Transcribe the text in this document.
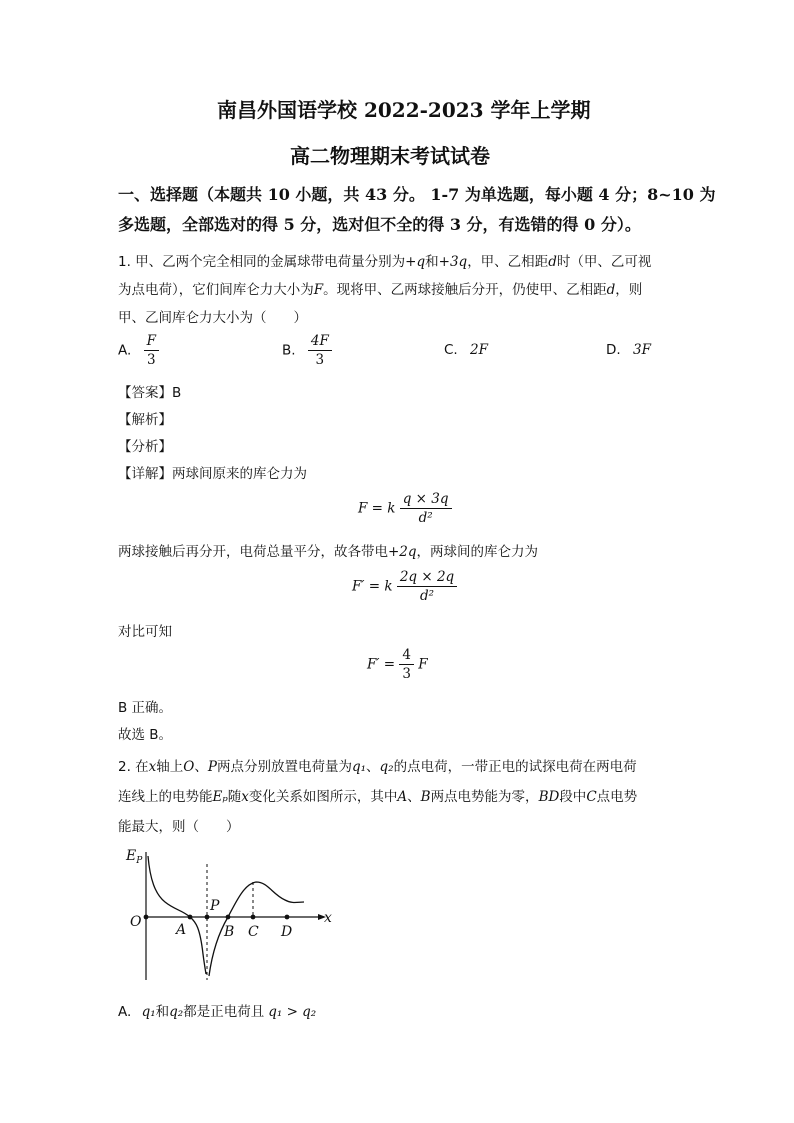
南昌外国语学校 2022-2023 学年上学期
高二物理期末考试试卷
一、选择题（本题共 10 小题，共 43 分。 1-7 为单选题，每小题 4 分；8~10 为
多选题，全部选对的得 5 分，选对但不全的得 3 分，有选错的得 0 分）。
1. 甲、乙两个完全相同的金属球带电荷量分别为+q和+3q，甲、乙相距d时（甲、乙可视
为点电荷），它们间库仑力大小为F。现将甲、乙两球接触后分开，仍使甲、乙相距d，则
甲、乙间库仑力大小为（　　）
A. $\frac{F}{3}$	B. $\frac{4F}{3}$	C. 2F	D. 3F
【答案】B
【解析】
【分析】
【详解】两球间原来的库仑力为
F = k $\frac{q \times 3q}{\text{d²}}$
两球接触后再分开，电荷总量平分，故各带电+2q，两球间的库仑力为
F′ = k $\frac{2q \times 2q}{\text{d²}}$
对比可知
$F' = \frac{4}{3}$ F
B 正确。
故选 B。
2. 在x轴上O、P两点分别放置电荷量为q₁、q₂的点电荷，一带正电的试探电荷在两电荷
连线上的电势能Eₚ随x变化关系如图所示，其中A、B两点电势能为零，BD段中C点电势
能最大，则（　　）
$E_P$
x
O A
P
B C D
A. q₁和q₂都是正电荷且 q₁ > q₂
